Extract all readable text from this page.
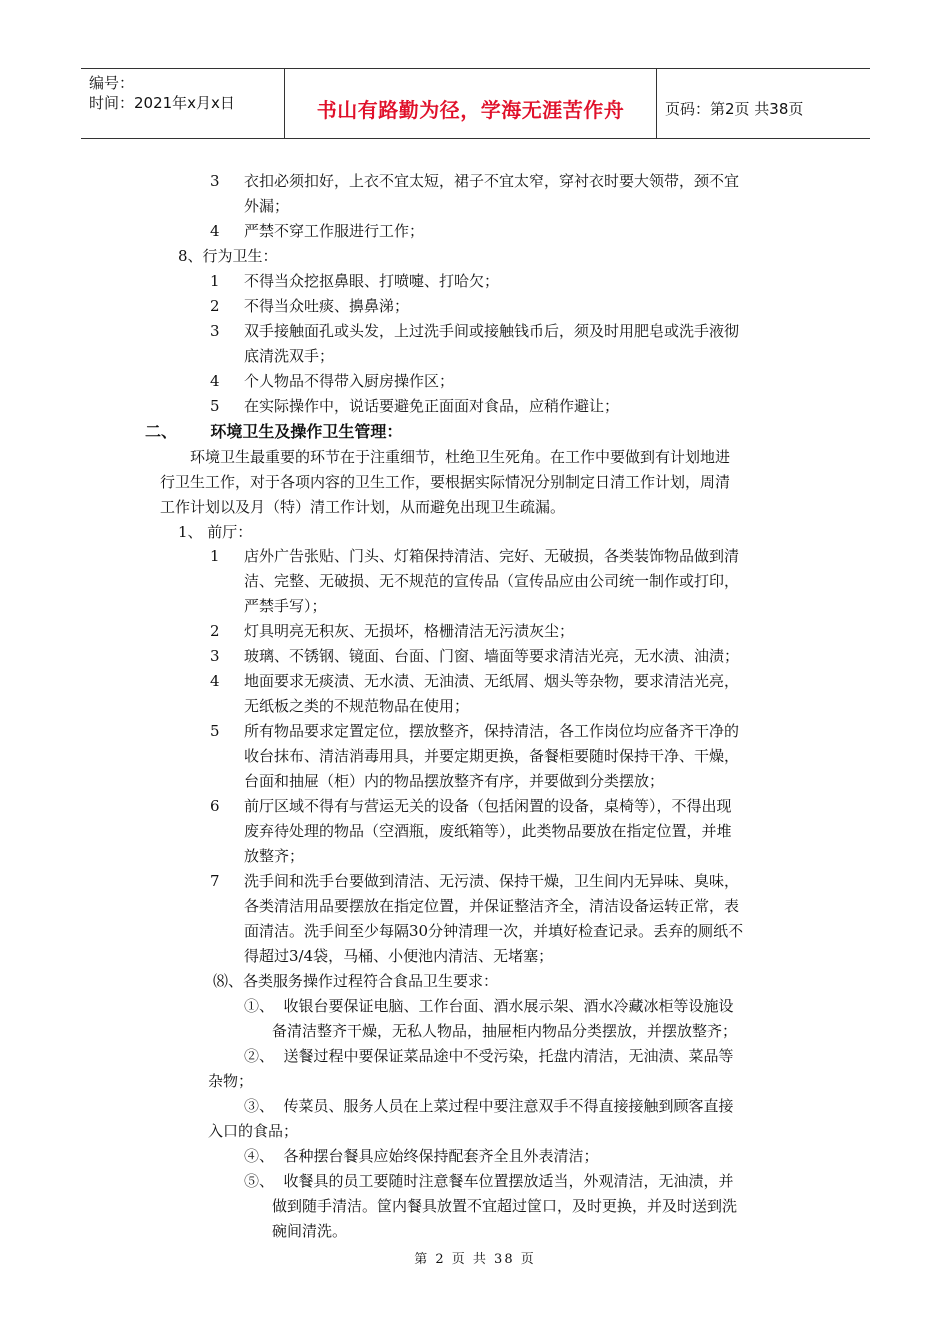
编号：
时间：2021年x月x日	书山有路勤为径，学海无涯苦作舟	页码：第2页 共38页
3 衣扣必须扣好，上衣不宜太短，裙子不宜太窄，穿衬衣时要大领带，颈不宜
外漏；
4 严禁不穿工作服进行工作；
8、行为卫生：
1 不得当众挖抠鼻眼、打喷嚏、打哈欠；
2 不得当众吐痰、擤鼻涕；
3 双手接触面孔或头发，上过洗手间或接触钱币后，须及时用肥皂或洗手液彻
底清洗双手；
4 个人物品不得带入厨房操作区；
5 在实际操作中，说话要避免正面面对食品，应稍作避让；
二、      环境卫生及操作卫生管理：
环境卫生最重要的环节在于注重细节，杜绝卫生死角。在工作中要做到有计划地进
行卫生工作，对于各项内容的卫生工作，要根据实际情况分别制定日清工作计划，周清
工作计划以及月（特）清工作计划，从而避免出现卫生疏漏。
1、 前厅：
1 店外广告张贴、门头、灯箱保持清洁、完好、无破损，各类装饰物品做到清
洁、完整、无破损、无不规范的宣传品（宣传品应由公司统一制作或打印，
严禁手写）；
2 灯具明亮无积灰、无损坏，格栅清洁无污渍灰尘；
3 玻璃、不锈钢、镜面、台面、门窗、墙面等要求清洁光亮，无水渍、油渍；
4 地面要求无痰渍、无水渍、无油渍、无纸屑、烟头等杂物，要求清洁光亮，
无纸板之类的不规范物品在使用；
5 所有物品要求定置定位，摆放整齐，保持清洁，各工作岗位均应备齐干净的
收台抹布、清洁消毒用具，并要定期更换，备餐柜要随时保持干净、干燥，
台面和抽屉（柜）内的物品摆放整齐有序，并要做到分类摆放；
6 前厅区域不得有与营运无关的设备（包括闲置的设备，桌椅等），不得出现
废弃待处理的物品（空酒瓶，废纸箱等），此类物品要放在指定位置，并堆
放整齐；
7 洗手间和洗手台要做到清洁、无污渍、保持干燥，卫生间内无异味、臭味，
各类清洁用品要摆放在指定位置，并保证整洁齐全，清洁设备运转正常，表
面清洁。洗手间至少每隔30分钟清理一次，并填好检查记录。丢弃的厕纸不
得超过3/4袋，马桶、小便池内清洁、无堵塞；
⑻、各类服务操作过程符合食品卫生要求：
①、  收银台要保证电脑、工作台面、酒水展示架、酒水冷藏冰柜等设施设
备清洁整齐干燥，无私人物品，抽屉柜内物品分类摆放，并摆放整齐；
②、  送餐过程中要保证菜品途中不受污染，托盘内清洁，无油渍、菜品等
杂物；
③、  传菜员、服务人员在上菜过程中要注意双手不得直接接触到顾客直接
入口的食品；
④、  各种摆台餐具应始终保持配套齐全且外表清洁；
⑤、  收餐具的员工要随时注意餐车位置摆放适当，外观清洁，无油渍，并
做到随手清洁。筐内餐具放置不宜超过筐口，及时更换，并及时送到洗
碗间清洗。
第 2 页 共 38 页
